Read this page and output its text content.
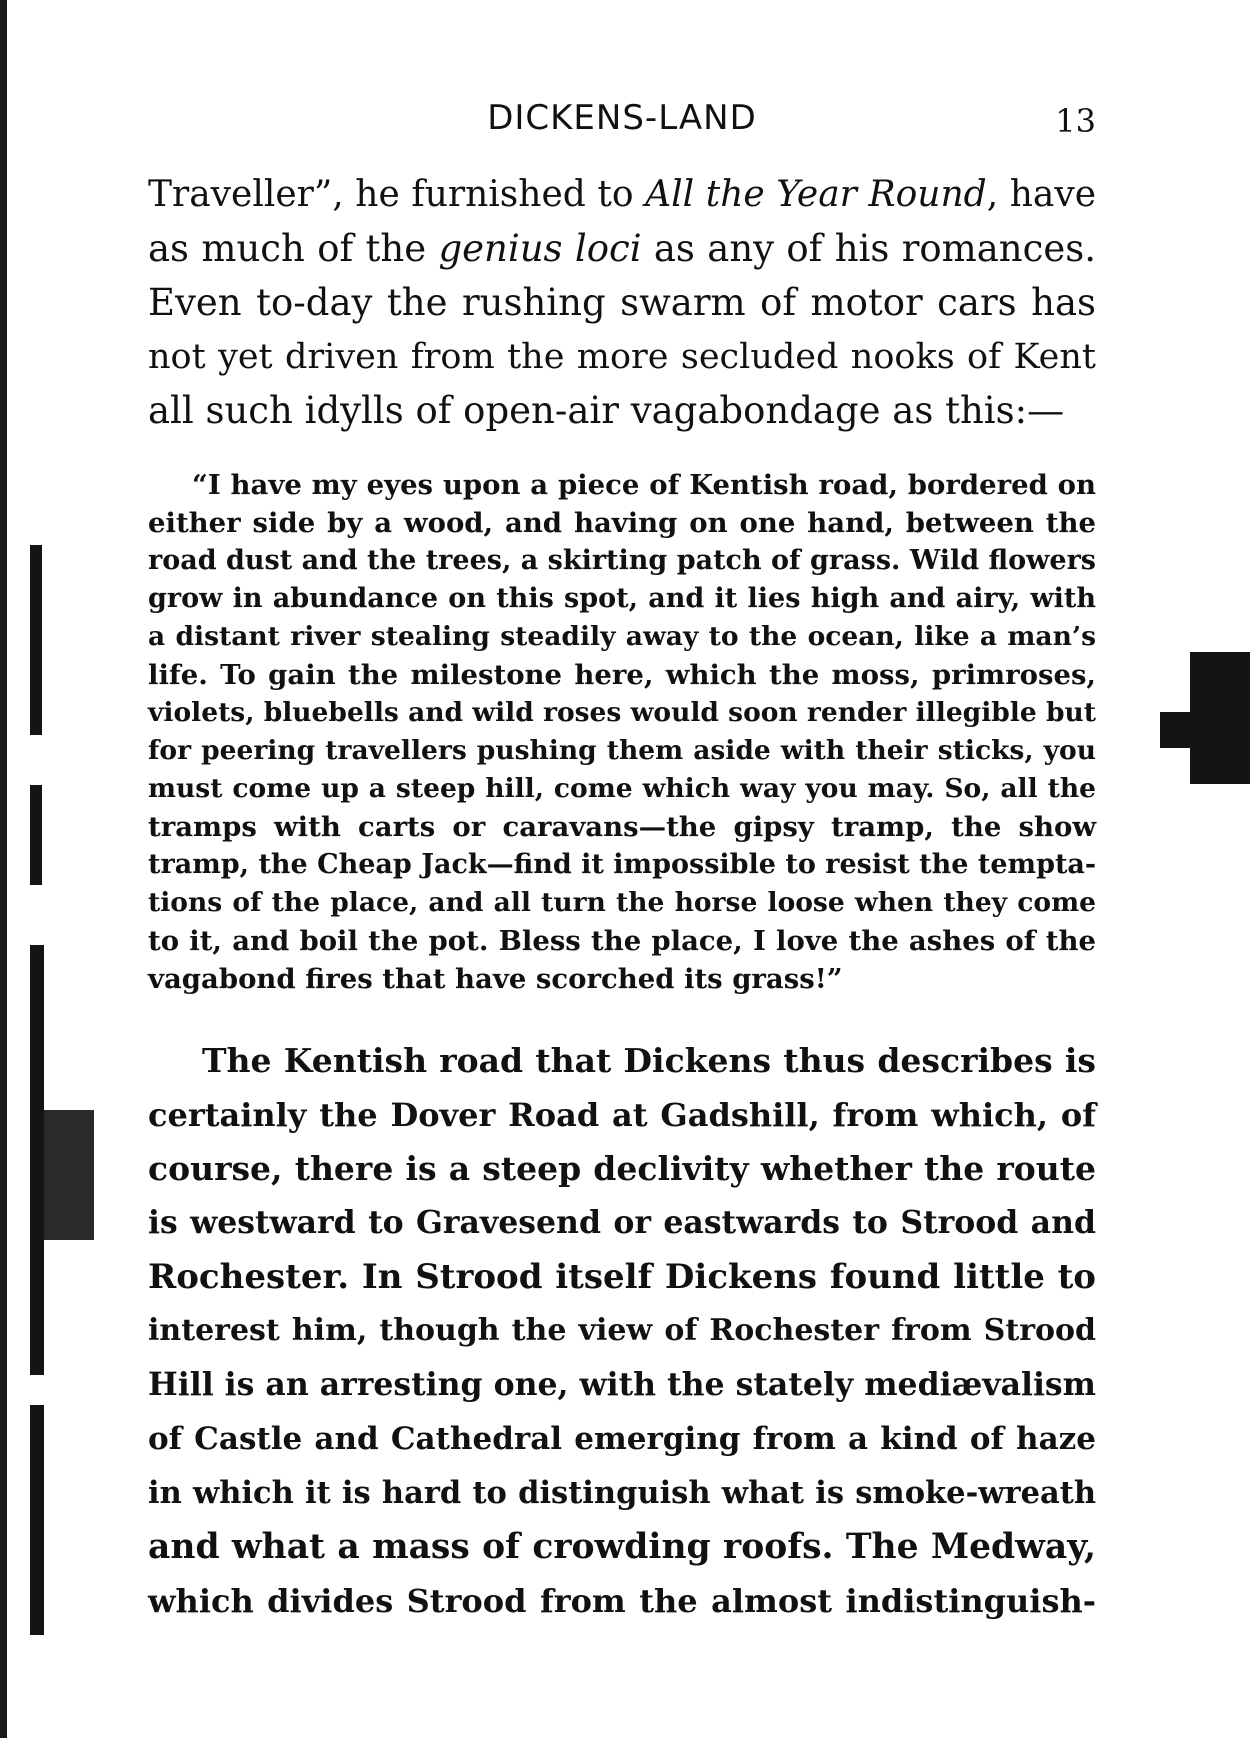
DICKENS-LAND	13
Traveller”, he furnished to All the Year Round, have
as much of the genius loci as any of his romances.
Even to-day the rushing swarm of motor cars has
not yet driven from the more secluded nooks of Kent
all such idylls of open-air vagabondage as this:—
“I have my eyes upon a piece of Kentish road, bordered on
either side by a wood, and having on one hand, between the
road dust and the trees, a skirting patch of grass. Wild flowers
grow in abundance on this spot, and it lies high and airy, with
a distant river stealing steadily away to the ocean, like a man’s
life. To gain the milestone here, which the moss, primroses,
violets, bluebells and wild roses would soon render illegible but
for peering travellers pushing them aside with their sticks, you
must come up a steep hill, come which way you may. So, all the
tramps with carts or caravans—the gipsy tramp, the show
tramp, the Cheap Jack—find it impossible to resist the tempta-
tions of the place, and all turn the horse loose when they come
to it, and boil the pot. Bless the place, I love the ashes of the
vagabond fires that have scorched its grass!”
The Kentish road that Dickens thus describes is
certainly the Dover Road at Gadshill, from which, of
course, there is a steep declivity whether the route
is westward to Gravesend or eastwards to Strood and
Rochester. In Strood itself Dickens found little to
interest him, though the view of Rochester from Strood
Hill is an arresting one, with the stately mediævalism
of Castle and Cathedral emerging from a kind of haze
in which it is hard to distinguish what is smoke-wreath
and what a mass of crowding roofs. The Medway,
which divides Strood from the almost indistinguish-
